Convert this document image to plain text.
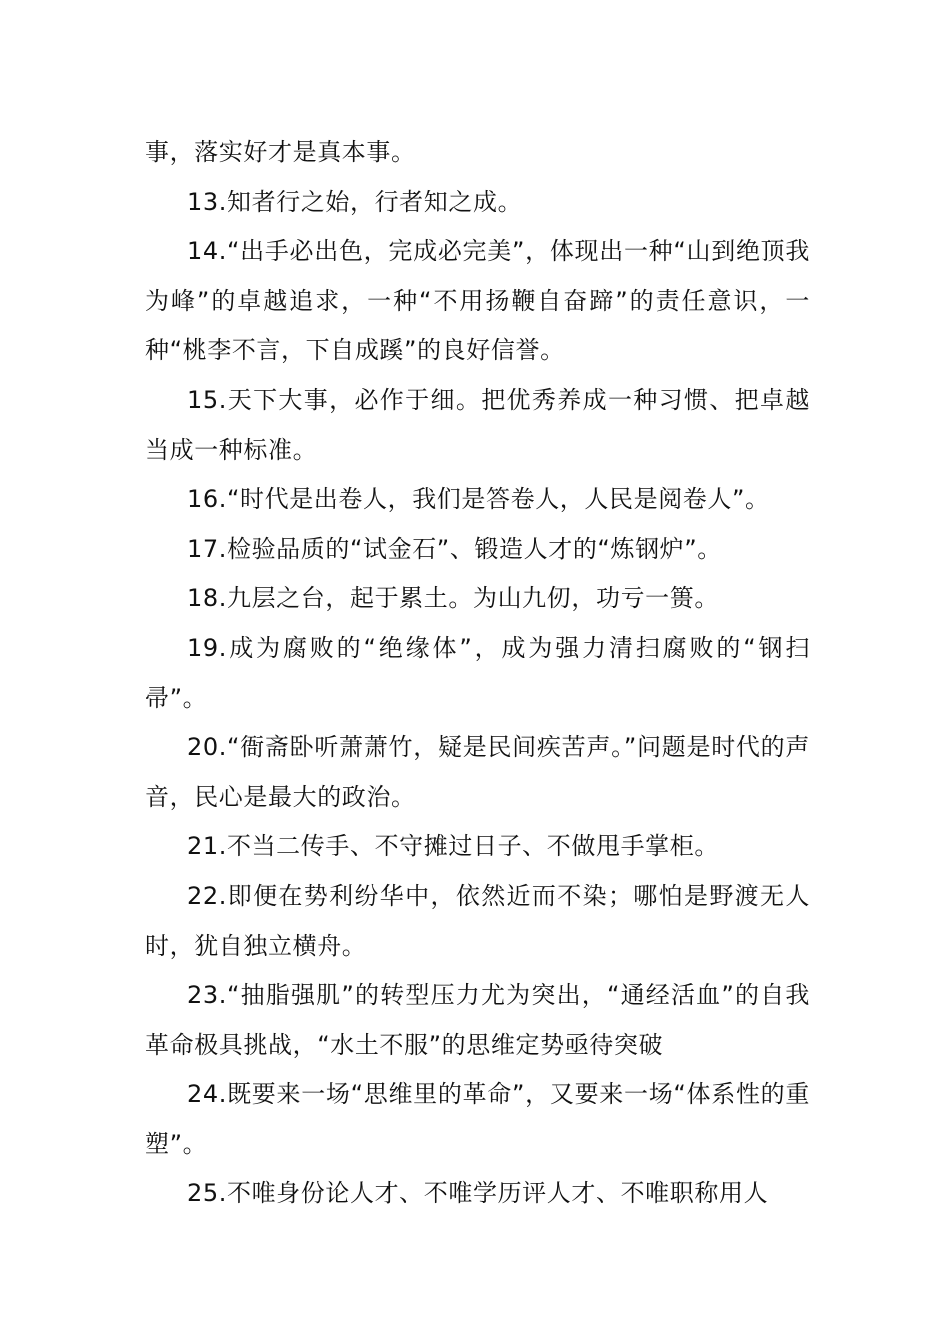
事，落实好才是真本事。

13.知者行之始，行者知之成。

14.“出手必出色，完成必完美”，体现出一种“山到绝顶我为峰”的卓越追求，一种“不用扬鞭自奋蹄”的责任意识，一种“桃李不言，下自成蹊”的良好信誉。

15.天下大事，必作于细。把优秀养成一种习惯、把卓越当成一种标准。

16.“时代是出卷人，我们是答卷人，人民是阅卷人”。

17.检验品质的“试金石”、锻造人才的“炼钢炉”。

18.九层之台，起于累土。为山九仞，功亏一篑。

19.成为腐败的“绝缘体”，成为强力清扫腐败的“钢扫帚”。

20.“衙斋卧听萧萧竹，疑是民间疾苦声。”问题是时代的声音，民心是最大的政治。

21.不当二传手、不守摊过日子、不做甩手掌柜。

22.即便在势利纷华中，依然近而不染；哪怕是野渡无人时，犹自独立横舟。

23.“抽脂强肌”的转型压力尤为突出，“通经活血”的自我革命极具挑战，“水土不服”的思维定势亟待突破

24.既要来一场“思维里的革命”，又要来一场“体系性的重塑”。

25.不唯身份论人才、不唯学历评人才、不唯职称用人
